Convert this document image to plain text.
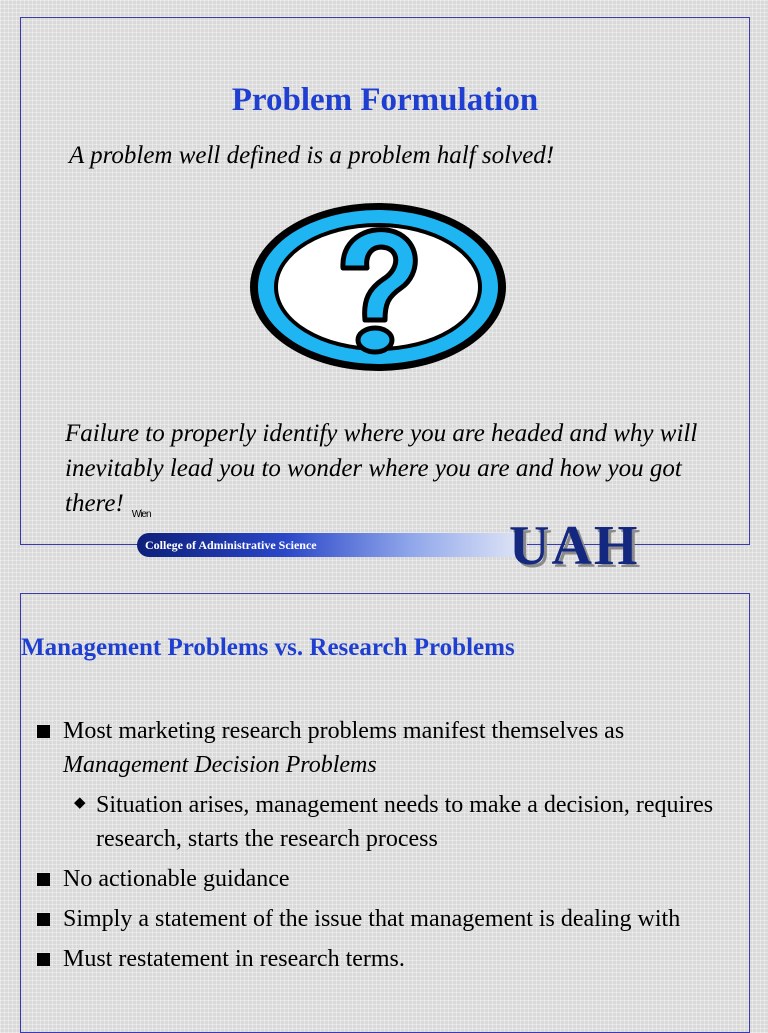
Problem Formulation
A problem well defined is a problem half solved!
Failure to properly identify where you are headed and why will inevitably lead you to wonder where you are and how you got there! $_{Wien}$
College of Administrative Science	UAH
Management Problems vs. Research Problems
Most marketing research problems manifest themselves as
Management Decision Problems
◆ Situation arises, management needs to make a decision, requires research, starts the research process
No actionable guidance
Simply a statement of the issue that management is dealing with
Must restatement in research terms.
